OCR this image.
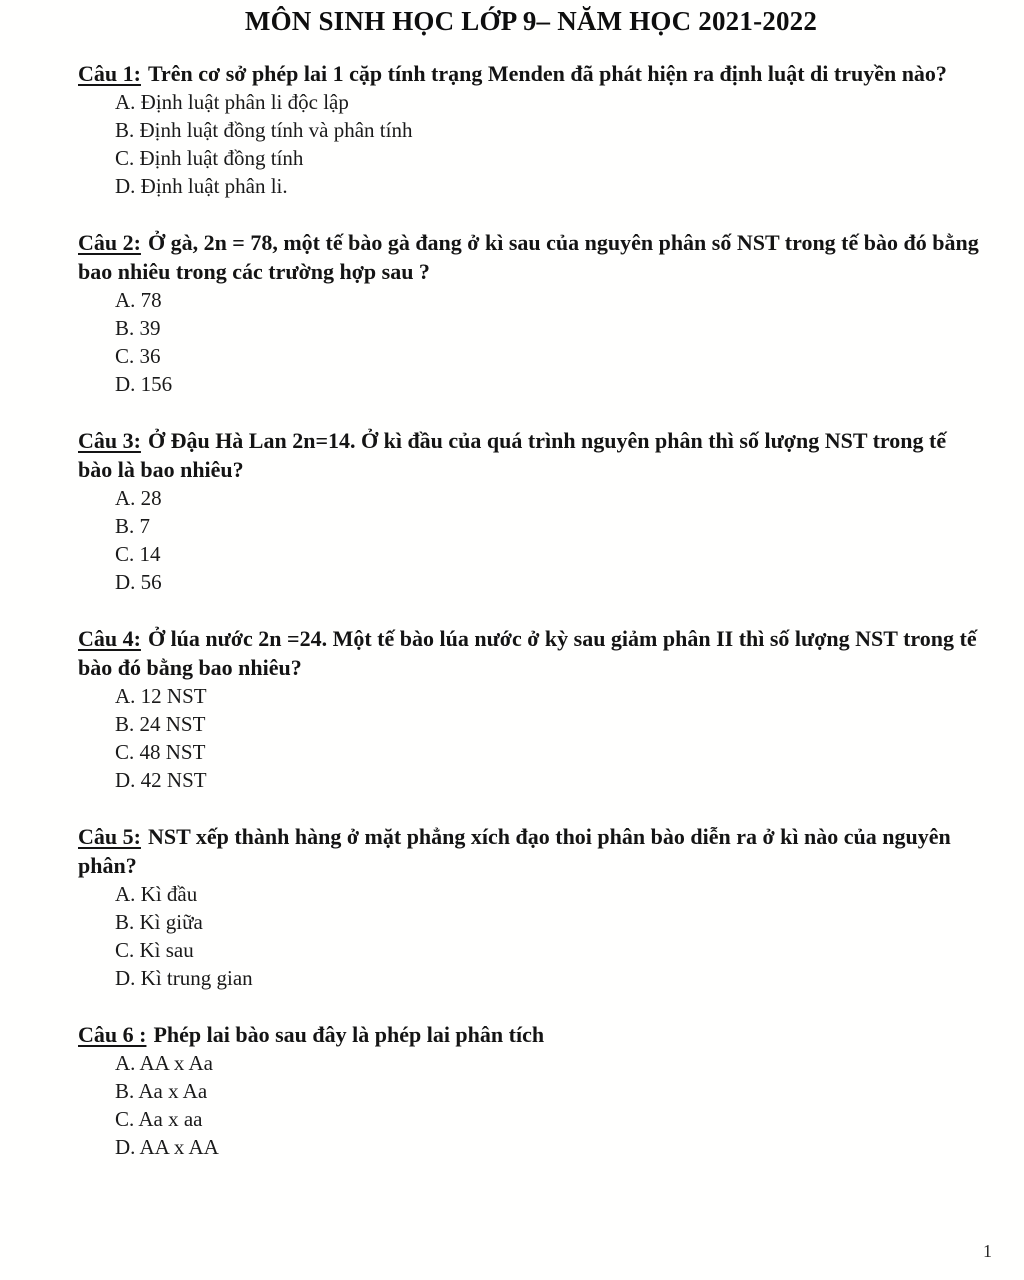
MÔN SINH HỌC LỚP 9– NĂM HỌC 2021-2022

Câu 1: Trên cơ sở phép lai 1 cặp tính trạng Menden đã phát hiện ra định luật di truyền nào?

A. Định luật phân li độc lập

B. Định luật đồng tính và phân tính

C. Định luật đồng tính

D. Định luật phân li.

Câu 2: Ở gà, 2n = 78, một tế bào gà đang ở kì sau của nguyên phân số NST trong tế bào đó bằng bao nhiêu trong các trường hợp sau ?

A. 78

B. 39

C. 36

D. 156

Câu 3: Ở Đậu Hà Lan 2n=14. Ở kì đầu của quá trình nguyên phân thì số lượng NST trong tế bào là bao nhiêu?

A. 28

B. 7

C. 14

D. 56

Câu 4: Ở lúa nước 2n =24. Một tế bào lúa nước ở kỳ sau giảm phân II thì số lượng NST trong tế bào đó bằng bao nhiêu?

A. 12 NST

B. 24 NST

C. 48 NST

D. 42 NST

Câu 5: NST xếp thành hàng ở mặt phẳng xích đạo thoi phân bào diễn ra ở kì nào của nguyên phân?

A. Kì đầu

B. Kì giữa

C. Kì sau

D. Kì trung gian

Câu 6 : Phép lai bào sau đây là phép lai phân tích

A. AA x Aa

B. Aa x Aa

C. Aa x aa

D. AA x AA

1
